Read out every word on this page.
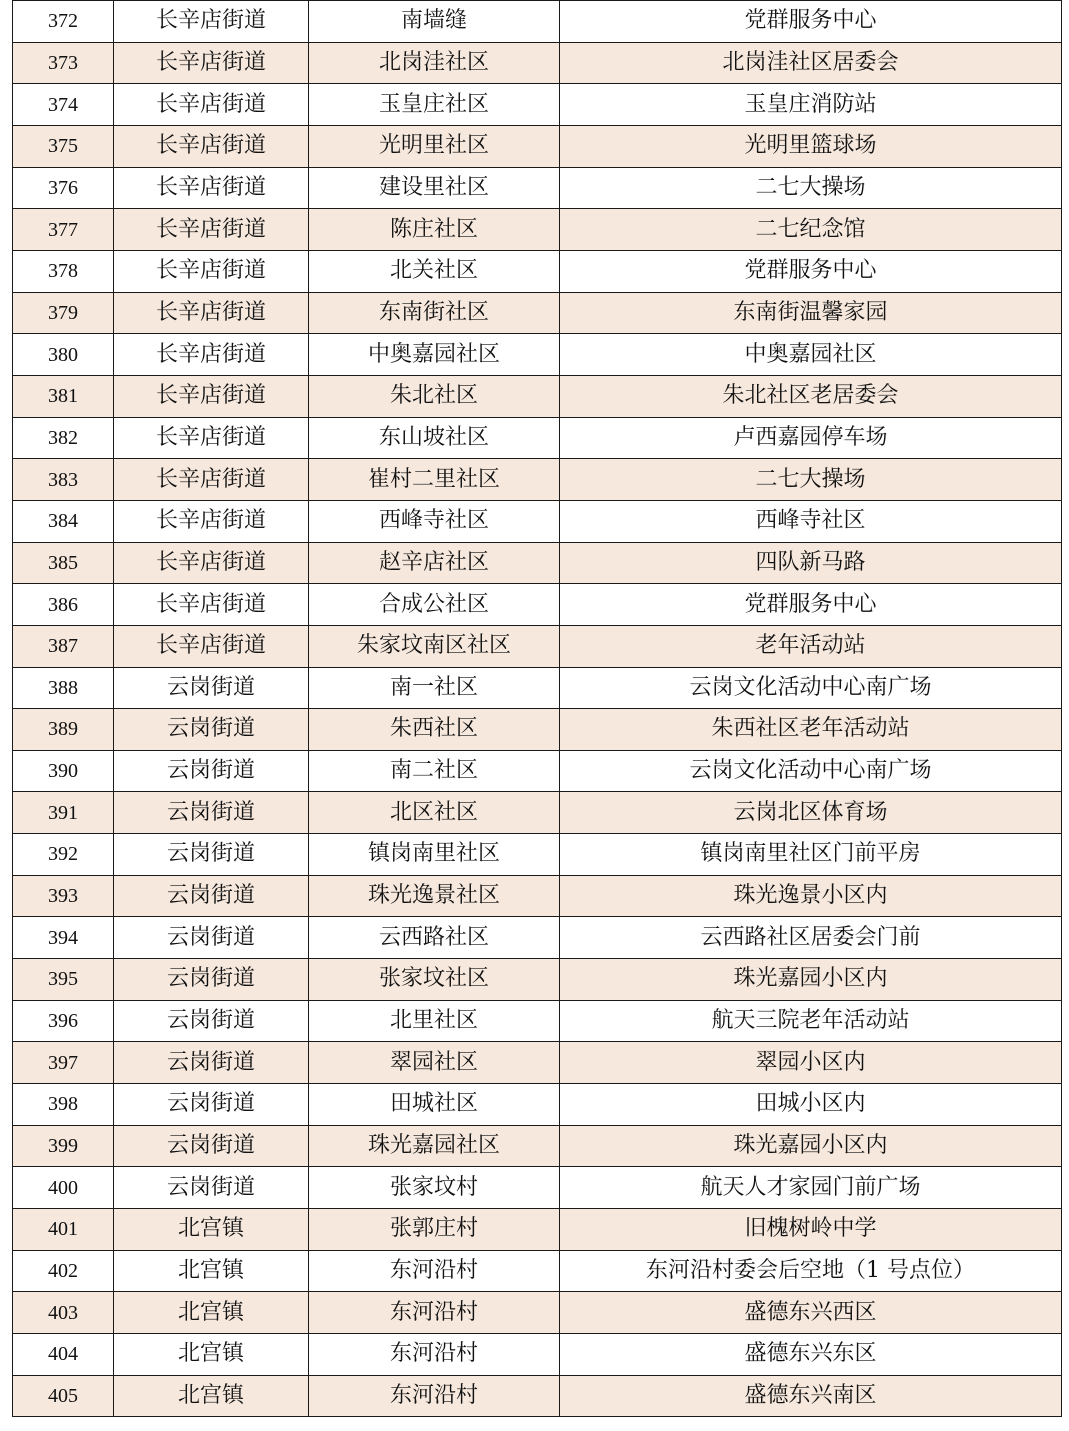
372	长辛店街道	南墙缝	党群服务中心
373	长辛店街道	北岗洼社区	北岗洼社区居委会
374	长辛店街道	玉皇庄社区	玉皇庄消防站
375	长辛店街道	光明里社区	光明里篮球场
376	长辛店街道	建设里社区	二七大操场
377	长辛店街道	陈庄社区	二七纪念馆
378	长辛店街道	北关社区	党群服务中心
379	长辛店街道	东南街社区	东南街温馨家园
380	长辛店街道	中奥嘉园社区	中奥嘉园社区
381	长辛店街道	朱北社区	朱北社区老居委会
382	长辛店街道	东山坡社区	卢西嘉园停车场
383	长辛店街道	崔村二里社区	二七大操场
384	长辛店街道	西峰寺社区	西峰寺社区
385	长辛店街道	赵辛店社区	四队新马路
386	长辛店街道	合成公社区	党群服务中心
387	长辛店街道	朱家坟南区社区	老年活动站
388	云岗街道	南一社区	云岗文化活动中心南广场
389	云岗街道	朱西社区	朱西社区老年活动站
390	云岗街道	南二社区	云岗文化活动中心南广场
391	云岗街道	北区社区	云岗北区体育场
392	云岗街道	镇岗南里社区	镇岗南里社区门前平房
393	云岗街道	珠光逸景社区	珠光逸景小区内
394	云岗街道	云西路社区	云西路社区居委会门前
395	云岗街道	张家坟社区	珠光嘉园小区内
396	云岗街道	北里社区	航天三院老年活动站
397	云岗街道	翠园社区	翠园小区内
398	云岗街道	田城社区	田城小区内
399	云岗街道	珠光嘉园社区	珠光嘉园小区内
400	云岗街道	张家坟村	航天人才家园门前广场
401	北宫镇	张郭庄村	旧槐树岭中学
402	北宫镇	东河沿村	东河沿村委会后空地（1 号点位）
403	北宫镇	东河沿村	盛德东兴西区
404	北宫镇	东河沿村	盛德东兴东区
405	北宫镇	东河沿村	盛德东兴南区
